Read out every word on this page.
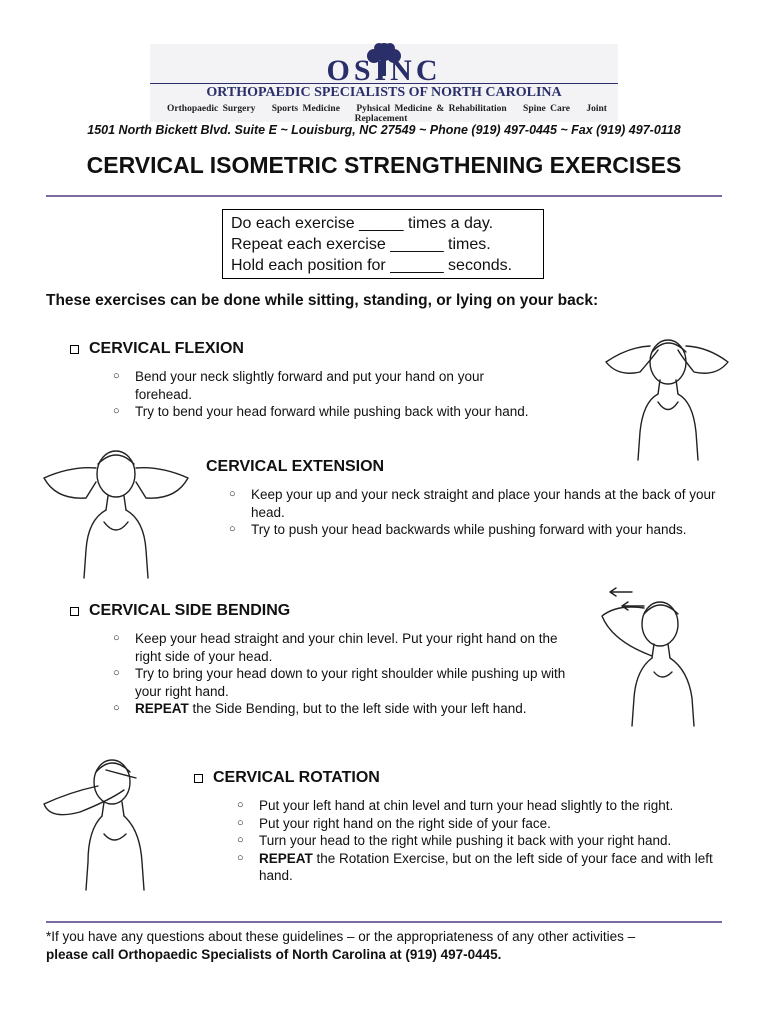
OSINC
ORTHOPAEDIC SPECIALISTS OF NORTH CAROLINA
Orthopaedic Surgery Sports Medicine Pyhsical Medicine & Rehabilitation Spine Care Joint Replacement
1501 North Bickett Blvd. Suite E ~ Louisburg, NC 27549 ~ Phone (919) 497-0445 ~ Fax (919) 497-0118
CERVICAL ISOMETRIC STRENGTHENING EXERCISES
Do each exercise _____ times a day.
Repeat each exercise ______ times.
Hold each position for ______ seconds.
These exercises can be done while sitting, standing, or lying on your back:
CERVICAL FLEXION
○ Bend your neck slightly forward and put your hand on your forehead.
○ Try to bend your head forward while pushing back with your hand.
CERVICAL EXTENSION
○ Keep your up and your neck straight and place your hands at the back of your head.
○ Try to push your head backwards while pushing forward with your hands.
CERVICAL SIDE BENDING
○ Keep your head straight and your chin level. Put your right hand on the right side of your head.
○ Try to bring your head down to your right shoulder while pushing up with your right hand.
○ REPEAT the Side Bending, but to the left side with your left hand.
CERVICAL ROTATION
○ Put your left hand at chin level and turn your head slightly to the right.
○ Put your right hand on the right side of your face.
○ Turn your head to the right while pushing it back with your right hand.
○ REPEAT the Rotation Exercise, but on the left side of your face and with left hand.
*If you have any questions about these guidelines – or the appropriateness of any other activities –
please call Orthopaedic Specialists of North Carolina at (919) 497-0445.
